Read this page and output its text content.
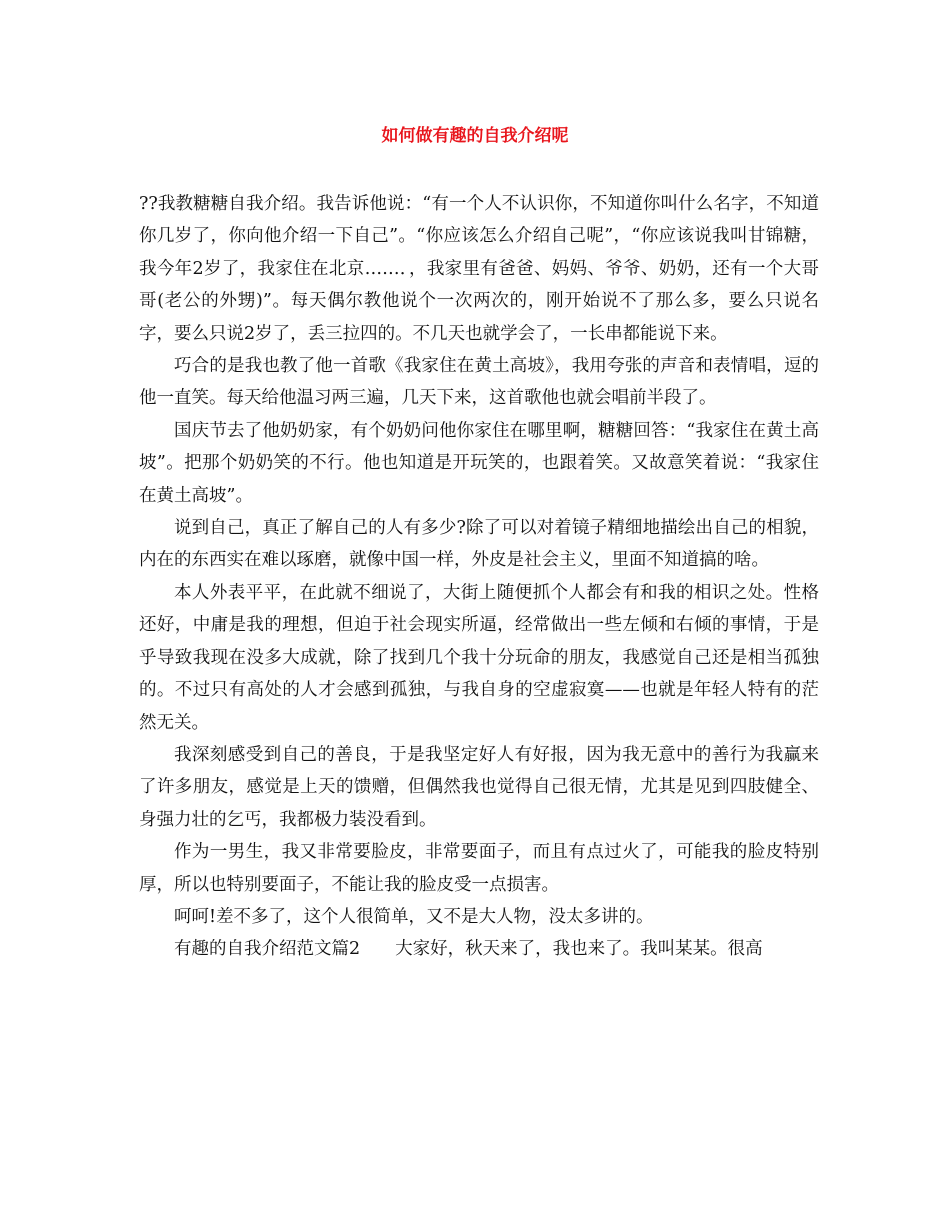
如何做有趣的自我介绍呢

??我教糖糖自我介绍。我告诉他说：“有一个人不认识你，不知道你叫什么名字，不知道你几岁了，你向他介绍一下自己”。“你应该怎么介绍自己呢”，“你应该说我叫甘锦糖，我今年2岁了，我家住在北京……．，我家里有爸爸、妈妈、爷爷、奶奶，还有一个大哥哥(老公的外甥)”。每天偶尔教他说个一次两次的，刚开始说不了那么多，要么只说名字，要么只说2岁了，丢三拉四的。不几天也就学会了，一长串都能说下来。

巧合的是我也教了他一首歌《我家住在黄土高坡》，我用夸张的声音和表情唱，逗的他一直笑。每天给他温习两三遍，几天下来，这首歌他也就会唱前半段了。

国庆节去了他奶奶家，有个奶奶问他你家住在哪里啊，糖糖回答：“我家住在黄土高坡”。把那个奶奶笑的不行。他也知道是开玩笑的，也跟着笑。又故意笑着说：“我家住在黄土高坡”。

说到自己，真正了解自己的人有多少?除了可以对着镜子精细地描绘出自己的相貌，内在的东西实在难以琢磨，就像中国一样，外皮是社会主义，里面不知道搞的啥。

本人外表平平，在此就不细说了，大街上随便抓个人都会有和我的相识之处。性格还好，中庸是我的理想，但迫于社会现实所逼，经常做出一些左倾和右倾的事情，于是乎导致我现在没多大成就，除了找到几个我十分玩命的朋友，我感觉自己还是相当孤独的。不过只有高处的人才会感到孤独，与我自身的空虚寂寞——也就是年轻人特有的茫然无关。

我深刻感受到自己的善良，于是我坚定好人有好报，因为我无意中的善行为我赢来了许多朋友，感觉是上天的馈赠，但偶然我也觉得自己很无情，尤其是见到四肢健全、身强力壮的乞丐，我都极力装没看到。

作为一男生，我又非常要脸皮，非常要面子，而且有点过火了，可能我的脸皮特别厚，所以也特别要面子，不能让我的脸皮受一点损害。

呵呵!差不多了，这个人很简单，又不是大人物，没太多讲的。

有趣的自我介绍范文篇2　　大家好，秋天来了，我也来了。我叫某某。很高
